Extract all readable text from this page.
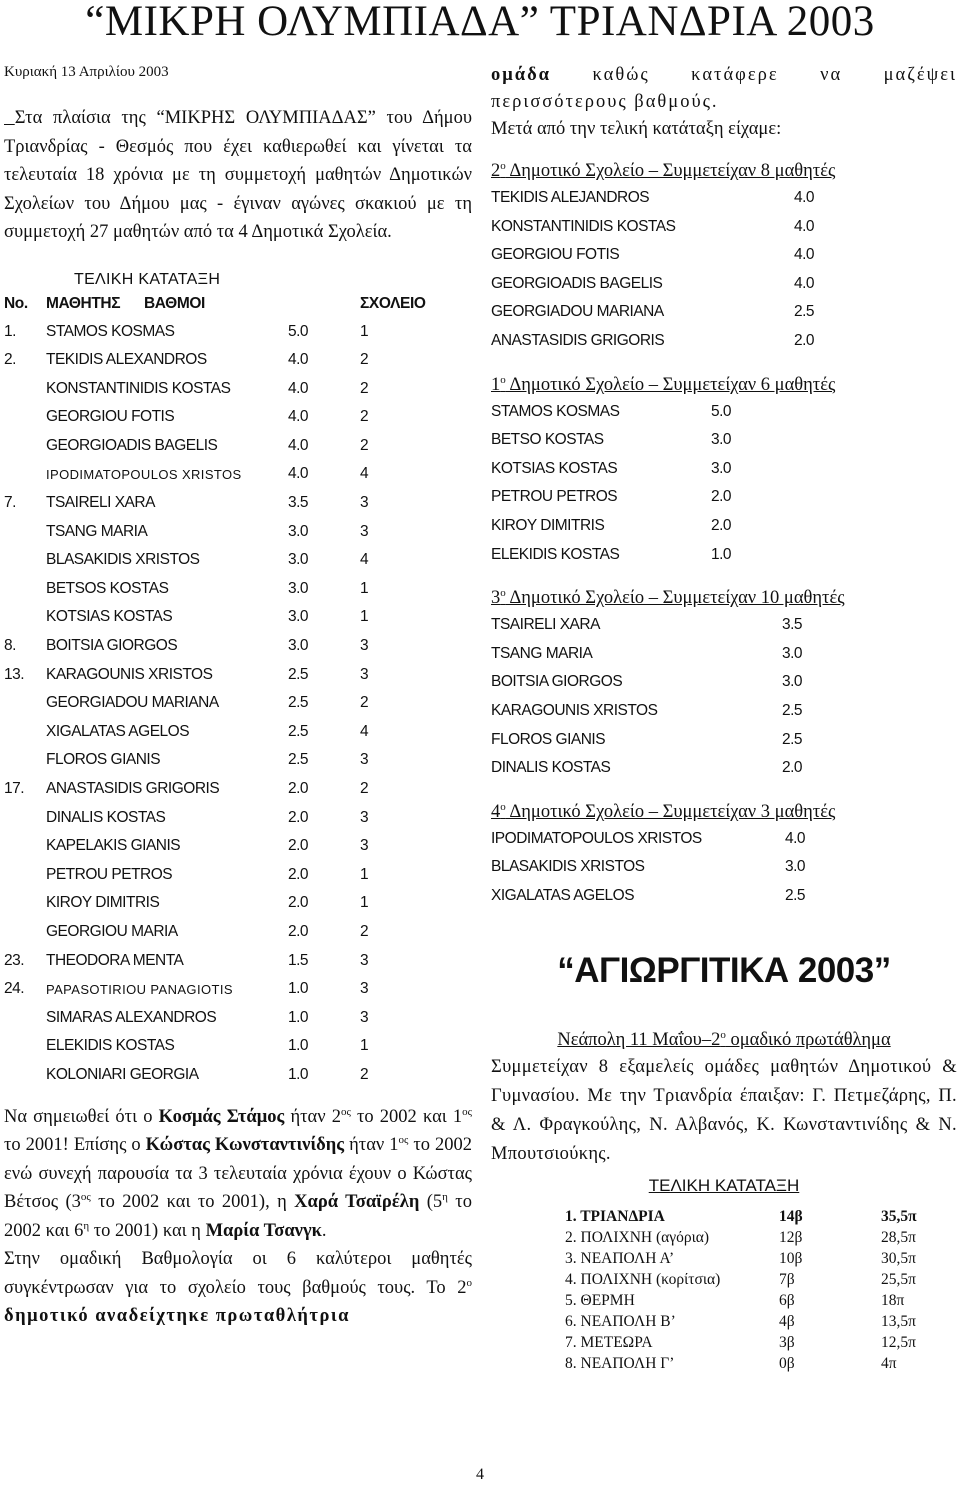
“ΜΙΚΡΗ ΟΛΥΜΠΙΑΔΑ” ΤΡΙΑΝΔΡΙΑ 2003
Κυριακή 13 Απριλίου 2003

Στα πλαίσια της “ΜΙΚΡΗΣ ΟΛΥΜΠΙΑΔΑΣ” του Δήμου Τριανδρίας - Θεσμός που έχει καθιερωθεί και γίνεται τα τελευταία 18 χρόνια με τη συμμετοχή μαθητών Δημοτικών Σχολείων του Δήμου μας - έγιναν αγώνες σκακιού με τη συμμετοχή 27 μαθητών από τα 4 Δημοτικά Σχολεία.

ΤΕΛΙΚΗ ΚΑΤΑΤΑΞΗ
No. ΜΑΘΗΤΗΣ ΒΑΘΜΟΙ	ΣΧΟΛΕΙΟ
1. STAMOS KOSMAS	5.0	1
2. TEKIDIS ALEXANDROS	4.0	2
KONSTANTINIDIS KOSTAS	4.0	2
GEORGIOU FOTIS	4.0	2
GEORGIOADIS BAGELIS	4.0	2
IPODIMATOPOULOS XRISTOS	4.0	4
7. TSAIRELI XARA	3.5	3
TSANG MARIA	3.0	3
BLASAKIDIS XRISTOS	3.0	4
BETSOS KOSTAS	3.0	1
KOTSIAS KOSTAS	3.0	1
8. BOITSIA GIORGOS	3.0	3
13. KARAGOUNIS XRISTOS	2.5	3
GEORGIADOU MARIANA	2.5	2
XIGALATAS AGELOS	2.5	4
FLOROS GIANIS	2.5	3
17. ANASTASIDIS GRIGORIS	2.0	2
DINALIS KOSTAS	2.0	3
KAPELAKIS GIANIS	2.0	3
PETROU PETROS	2.0	1
KIROY DIMITRIS	2.0	1
GEORGIOU MARIA	2.0	2
23. THEODORA MENTA	1.5	3
24. PAPASOTIRIOU PANAGIOTIS	1.0	3
SIMARAS ALEXANDROS	1.0	3
ELEKIDIS KOSTAS	1.0	1
KOLONIARI GEORGIA	1.0	2
Να σημειωθεί ότι ο Κοσμάς Στάμος ήταν $2^{o\varsigma}$ το 2002 και $1^{o\varsigma}$ το 2001! Επίσης ο Κώστας Κωνσταντινίδης ήταν $1^{o\varsigma}$ το 2002 ενώ συνεχή παρουσία τα 3 τελευταία χρόνια έχουν ο Κώστας Βέτσος ($3^{o\varsigma}$ το 2002 και το 2001), η Χαρά Τσαϊρέλη ($5^\eta$ το 2002 και $6^\eta$ το 2001) και η Μαρία Τσανγκ.
Στην ομαδική Βαθμολογία οι 6 καλύτεροι μαθητές συγκέντρωσαν για το σχολείο τους βαθμούς τους. Το $2^o$ δημοτικό αναδείχτηκε πρωταθλήτρια
ομάδα καθώς κατάφερε να μαζέψει περισσότερους βαθμούς.
Μετά από την τελική κατάταξη είχαμε:
$2^o$ Δημοτικό Σχολείο – Συμμετείχαν 8 μαθητές
TEKIDIS ALEJANDROS	4.0
KONSTANTINIDIS KOSTAS	4.0
GEORGIOU FOTIS	4.0
GEORGIOADIS BAGELIS	4.0
GEORGIADOU MARIANA	2.5
ANASTASIDIS GRIGORIS	2.0
$1^o$ Δημοτικό Σχολείο – Συμμετείχαν 6 μαθητές
STAMOS KOSMAS	5.0
BETSO KOSTAS	3.0
KOTSIAS KOSTAS	3.0
PETROU PETROS	2.0
KIROY DIMITRIS	2.0
ELEKIDIS KOSTAS	1.0
$3^o$ Δημοτικό Σχολείο – Συμμετείχαν 10 μαθητές
TSAIRELI XARA	3.5
TSANG MARIA	3.0
BOITSIA GIORGOS	3.0
KARAGOUNIS XRISTOS	2.5
FLOROS GIANIS	2.5
DINALIS KOSTAS	2.0
$4^o$ Δημοτικό Σχολείο – Συμμετείχαν 3 μαθητές
IPODIMATOPOULOS XRISTOS	4.0
BLASAKIDIS XRISTOS	3.0
XIGALATAS AGELOS	2.5
“ΑΓΙΩΡΓΙΤΙΚΑ 2003”
Νεάπολη 11 Μαΐου–$2^o$ ομαδικό πρωτάθλημα
Συμμετείχαν 8 εξαμελείς ομάδες μαθητών Δημοτικού & Γυμνασίου. Με την Τριανδρία έπαιξαν: Γ. Πετμεζάρης, Π. & Λ. Φραγκούλης, Ν. Αλβανός, Κ. Κωνσταντινίδης & Ν. Μπουτσιούκης.
ΤΕΛΙΚΗ ΚΑΤΑΤΑΞΗ
1. ΤΡΙΑΝΔΡΙΑ	14β	35,5π
2. ΠΟΛΙΧΝΗ (αγόρια)	12β	28,5π
3. ΝΕΑΠΟΛΗ Α’	10β	30,5π
4. ΠΟΛΙΧΝΗ (κορίτσια)	7β	25,5π
5. ΘΕΡΜΗ	6β	18π
6. ΝΕΑΠΟΛΗ Β’	4β	13,5π
7. ΜΕΤΕΩΡΑ	3β	12,5π
8. ΝΕΑΠΟΛΗ Γ’	0β	4π
4
